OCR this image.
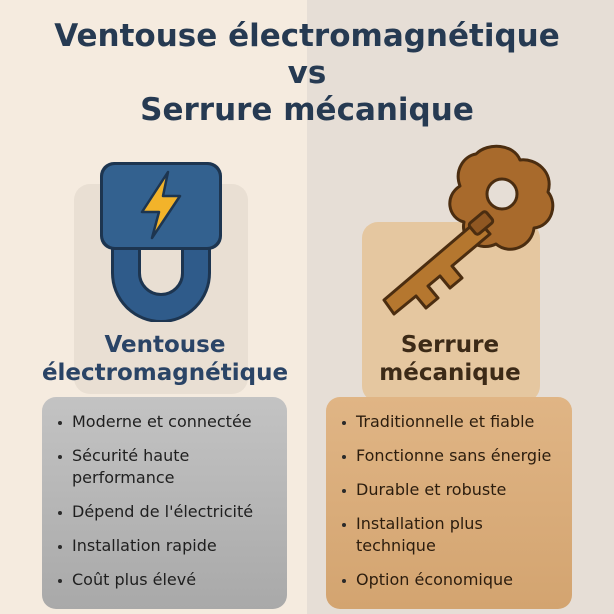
Ventouse électromagnétique
vs
Serrure mécanique
Ventouse
électromagnétique
Serrure
mécanique
Moderne et connectée
Sécurité haute performance
Dépend de l'électricité
Installation rapide
Coût plus élevé
Traditionnelle et fiable
Fonctionne sans énergie
Durable et robuste
Installation plus technique
Option économique
